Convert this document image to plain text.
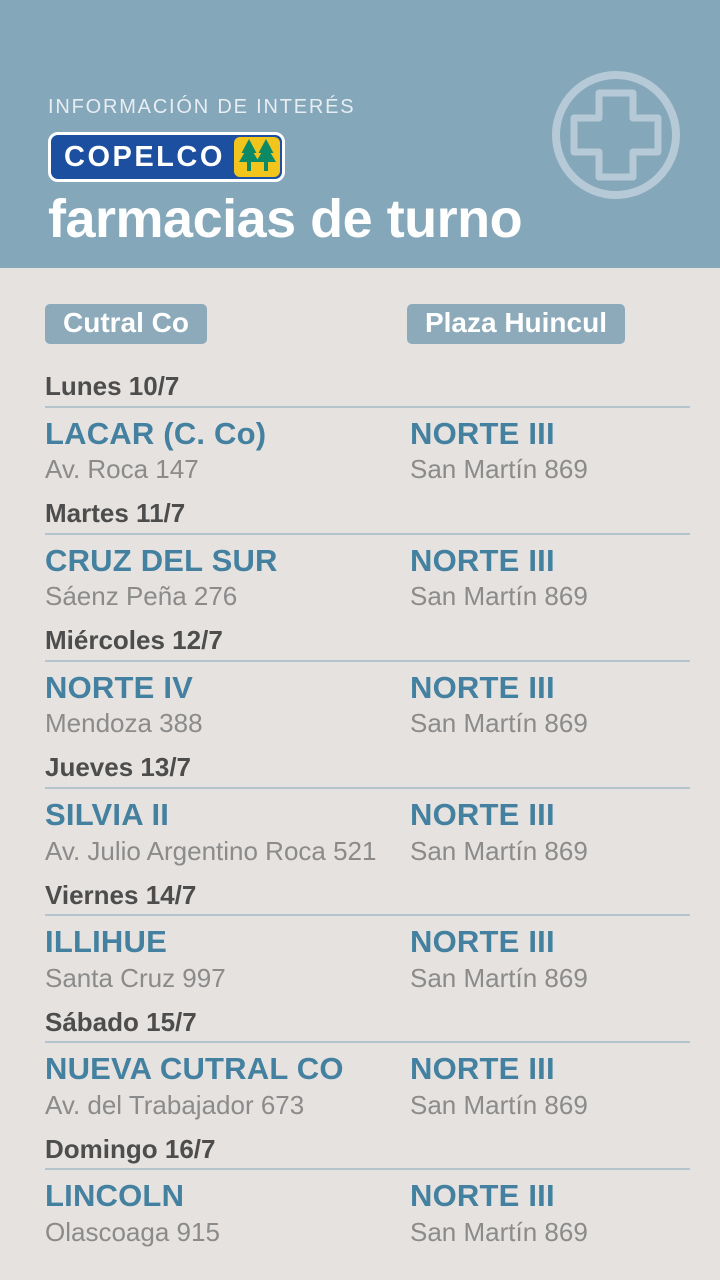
INFORMACIÓN DE INTERÉS
COPELCO
farmacias de turno
Cutral Co	Plaza Huincul
Lunes 10/7
LACAR (C. Co)
Av. Roca 147
NORTE III
San Martín 869
Martes 11/7
CRUZ DEL SUR
Sáenz Peña 276
NORTE III
San Martín 869
Miércoles 12/7
NORTE IV
Mendoza 388
NORTE III
San Martín 869
Jueves 13/7
SILVIA II
Av. Julio Argentino Roca 521
NORTE III
San Martín 869
Viernes 14/7
ILLIHUE
Santa Cruz 997
NORTE III
San Martín 869
Sábado 15/7
NUEVA CUTRAL CO
Av. del Trabajador 673
NORTE III
San Martín 869
Domingo 16/7
LINCOLN
Olascoaga 915
NORTE III
San Martín 869
